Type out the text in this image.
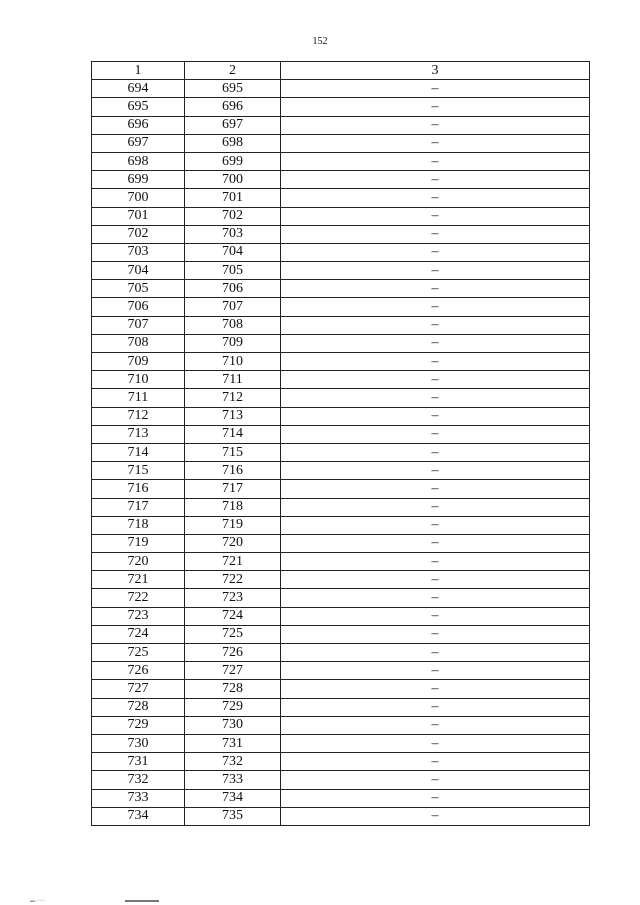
152
1	2	3
694	695	–
695	696	–
696	697	–
697	698	–
698	699	–
699	700	–
700	701	–
701	702	–
702	703	–
703	704	–
704	705	–
705	706	–
706	707	–
707	708	–
708	709	–
709	710	–
710	711	–
711	712	–
712	713	–
713	714	–
714	715	–
715	716	–
716	717	–
717	718	–
718	719	–
719	720	–
720	721	–
721	722	–
722	723	–
723	724	–
724	725	–
725	726	–
726	727	–
727	728	–
728	729	–
729	730	–
730	731	–
731	732	–
732	733	–
733	734	–
734	735	–
▬ ▫ ▫▫▫
